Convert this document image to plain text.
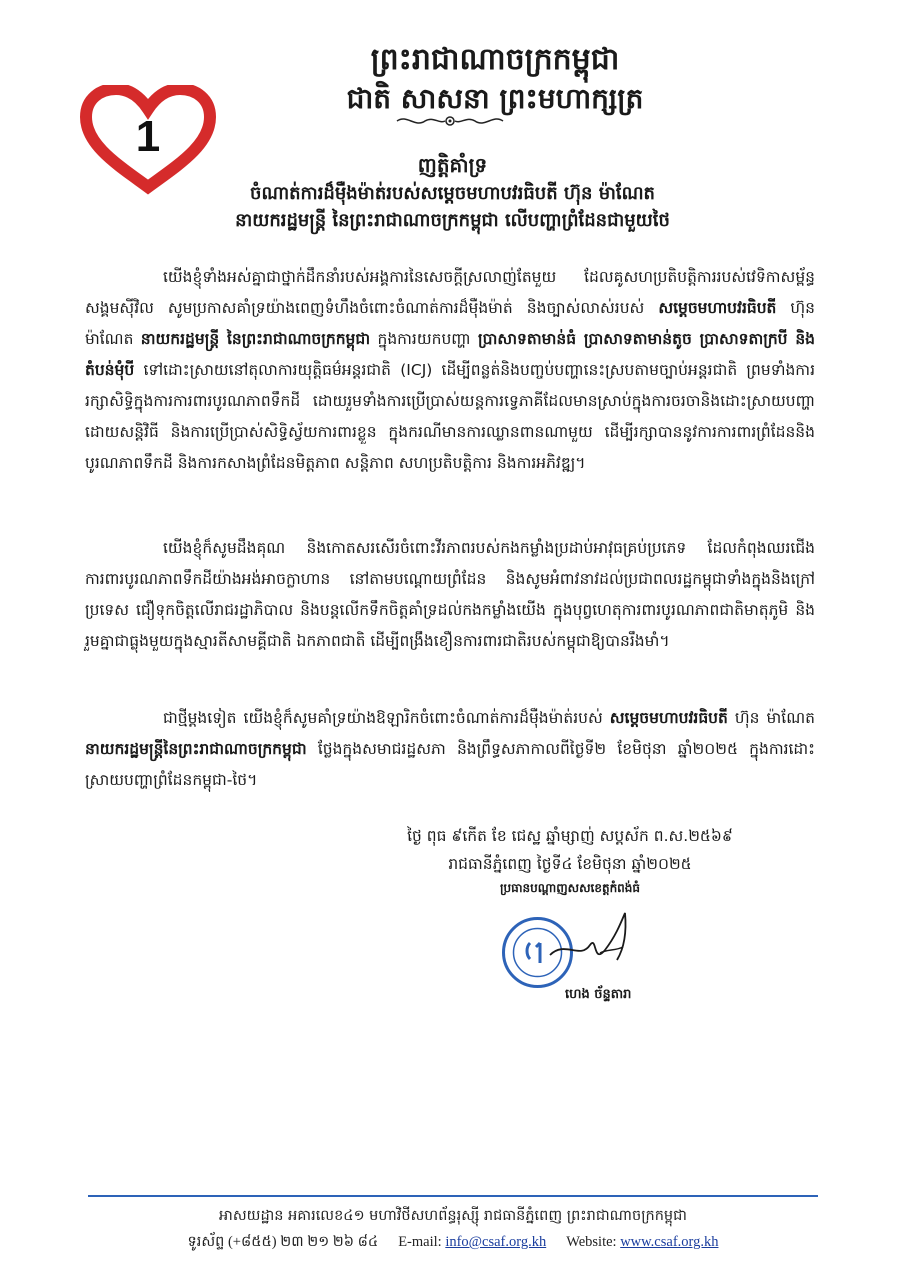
1
ព្រះរាជាណាចក្រកម្ពុជា
ជាតិ សាសនា ព្រះមហាក្សត្រ
ញត្តិគាំទ្រ
ចំណាត់ការដ៏ម៉ឺងម៉ាត់របស់សម្តេចមហាបវរធិបតី ហ៊ុន ម៉ាណែត
នាយករដ្ឋមន្ត្រី នៃព្រះរាជាណាចក្រកម្ពុជា លើបញ្ហាព្រំដែនជាមួយថៃ
យើងខ្ញុំទាំងអស់គ្នាជាថ្នាក់ដឹកនាំរបស់អង្គការនៃសេចក្តីស្រលាញ់តែមួយ ដែលគូសហប្រតិបត្តិការរបស់វេទិកាសម្ព័ន្ធសង្គមស៊ីវិល សូមប្រកាសគាំទ្រយ៉ាងពេញទំហឹងចំពោះចំណាត់ការដ៏ម៉ឺងម៉ាត់ និងច្បាស់លាស់របស់ សម្តេចមហាបវរធិបតី ហ៊ុន ម៉ាណែត នាយករដ្ឋមន្ត្រី នៃព្រះរាជាណាចក្រកម្ពុជា ក្នុងការយកបញ្ហា ប្រាសាទតាមាន់ធំ ប្រាសាទតាមាន់តូច ប្រាសាទតាក្របី និងតំបន់មុំបី ទៅដោះស្រាយនៅតុលាការយុត្តិធម៌អន្តរជាតិ (ICJ) ដើម្បីពន្លត់និងបញ្ចប់បញ្ហានេះស្របតាមច្បាប់អន្តរជាតិ ព្រមទាំងការរក្សាសិទ្ធិក្នុងការការពារបូរណភាពទឹកដី ដោយរួមទាំងការប្រើប្រាស់យន្តការទ្វេភាគីដែលមានស្រាប់ក្នុងការចរចានិងដោះស្រាយបញ្ហាដោយសន្តិវិធី និងការប្រើប្រាស់សិទ្ធិស្វ័យការពារខ្លួន ក្នុងករណីមានការឈ្លានពានណាមួយ ដើម្បីរក្សាបាននូវការការពារព្រំដែននិងបូរណភាពទឹកដី និងការកសាងព្រំដែនមិត្តភាព សន្តិភាព សហប្រតិបត្តិការ និងការអភិវឌ្ឍ។
យើងខ្ញុំក៏សូមដឹងគុណ និងកោតសរសើរចំពោះវីរភាពរបស់កងកម្លាំងប្រដាប់អាវុធគ្រប់ប្រភេទ ដែលកំពុងឈរជើងការពារបូរណភាពទឹកដីយ៉ាងអង់អាចក្លាហាន នៅតាមបណ្តោយព្រំដែន និងសូមអំពាវនាវដល់ប្រជាពលរដ្ឋកម្ពុជាទាំងក្នុងនិងក្រៅប្រទេស ជឿទុកចិត្តលើរាជរដ្ឋាភិបាល និងបន្តលើកទឹកចិត្តគាំទ្រដល់កងកម្លាំងយើង ក្នុងបុព្វហេតុការពារបូរណភាពជាតិមាតុភូមិ និងរួមគ្នាជាធ្លុងមួយក្នុងស្មារតីសាមគ្គីជាតិ ឯកភាពជាតិ ដើម្បីពង្រឹងខឿនការពារជាតិរបស់កម្ពុជាឱ្យបានរឹងមាំ។
ជាថ្មីម្តងទៀត យើងខ្ញុំក៏សូមគាំទ្រយ៉ាងឱឡារិកចំពោះចំណាត់ការដ៏ម៉ឺងម៉ាត់របស់ សម្តេចមហាបវរធិបតី ហ៊ុន ម៉ាណែត នាយករដ្ឋមន្ត្រីនៃព្រះរាជាណាចក្រកម្ពុជា ថ្លែងក្នុងសមាជរដ្ឋសភា និងព្រឹទ្ធសភាកាលពីថ្ងៃទី២ ខែមិថុនា ឆ្នាំ២០២៥ ក្នុងការដោះស្រាយបញ្ហាព្រំដែនកម្ពុជា-ថៃ។
ថ្ងៃ ពុធ ៩កើត ខែ ជេស្ឋ ឆ្នាំម្សាញ់ សប្តស័ក ព.ស.២៥៦៩
រាជធានីភ្នំពេញ ថ្ងៃទី៤ ខែមិថុនា ឆ្នាំ២០២៥
ប្រធានបណ្តាញសសខេត្តកំពង់ធំ
ហេង ច័ន្ទតារា
អាសយដ្ឋាន អគារលេខ៤១ មហាវិថីសហព័ន្ធរុស្ស៊ី រាជធានីភ្នំពេញ ព្រះរាជាណាចក្រកម្ពុជា
ទូរស័ព្ទ (+៨៥៥) ២៣ ២១ ២៦ ៨៤ E-mail: info@csaf.org.kh Website: www.csaf.org.kh
